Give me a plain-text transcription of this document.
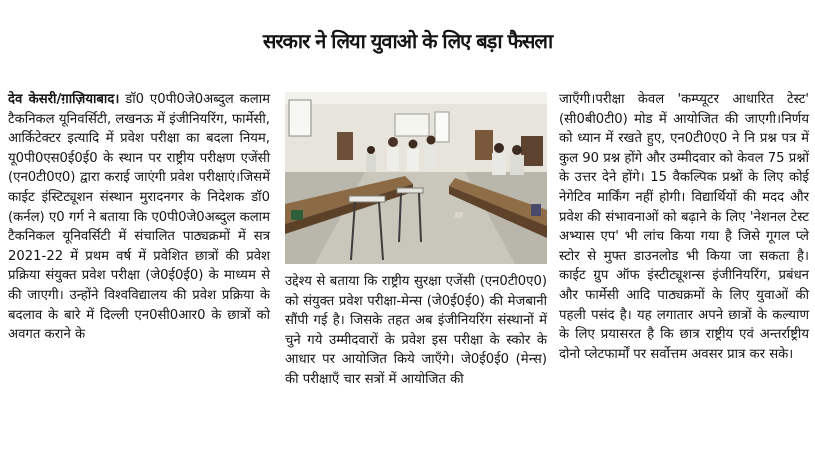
सरकार ने लिया युवाओ के लिए बड़ा फैसला

देव केसरी/ग़ाज़ियाबाद। डॉ0 ए0पी0जे0अब्दुल कलाम टैकनिकल यूनिवर्सिटी, लखनऊ में इंजीनियरिंग, फार्मेसी, आर्किटेक्टर इत्यादि में प्रवेश परीक्षा का बदला नियम, यू0पी0एस0ई0ई0 के स्थान पर राष्ट्रीय परीक्षण एजेंसी (एन0टी0ए0) द्वारा कराई जाएंगी प्रवेश परीक्षाएं।जिसमें काईट इंस्टिट्यूशन संस्थान मुरादनगर के निदेशक डॉ0 (कर्नल) ए0 गर्ग ने बताया कि ए0पी0जे0अब्दुल कलाम टैकनिकल यूनिवर्सिटी में संचालित पाठ्यक्रमों में सत्र 2021-22 में प्रथम वर्ष में प्रवेशित छात्रों की प्रवेश प्रक्रिया संयुक्त प्रवेश परीक्षा (जे0ई0ई0) के माध्यम से की जाएगी। उन्होंने विश्वविद्यालय की प्रवेश प्रक्रिया के बदलाव के बारे में दिल्ली एन0सी0आर0 के छात्रों को अवगत कराने के

उद्देश्य से बताया कि राष्ट्रीय सुरक्षा एजेंसी (एन0टी0ए0) को संयुक्त प्रवेश परीक्षा-मेन्स (जे0ई0ई0) की मेजबानी सौंपी गई है। जिसके तहत अब इंजीनियरिंग संस्थानों में चुने गये उम्मीदवारों के प्रवेश इस परीक्षा के स्कोर के आधार पर आयोजित किये जाएँगे। जे0ई0ई0 (मेन्स) की परीक्षाएँ चार सत्रों में आयोजित की

जाएँगी।परीक्षा केवल 'कम्प्यूटर आधारित टेस्ट' (सी0बी0टी0) मोड में आयोजित की जाएगी।निर्णय को ध्यान में रखते हुए, एन0टी0ए0 ने नि प्रश्न पत्र में कुल 90 प्रश्न होंगे और उम्मीदवार को केवल 75 प्रश्नों के उत्तर देने होंगे। 15 वैकल्पिक प्रश्नों के लिए कोई नेगेटिव मार्किंग नहीं होगी। विद्यार्थियों की मदद और प्रवेश की संभावनाओं को बढ़ाने के लिए 'नेशनल टेस्ट अभ्यास एप' भी लांच किया गया है जिसे गूगल प्ले स्टोर से मुफ्त डाउनलोड भी किया जा सकता है। काईट ग्रुप ऑफ इंस्टीट्यूशन्स इंजीनियरिंग, प्रबंधन और फार्मेसी आदि पाठ्यक्रमों के लिए युवाओं की पहली पसंद है। यह लगातार अपने छात्रों के कल्याण के लिए प्रयासरत है कि छात्र राष्ट्रीय एवं अन्तर्राष्ट्रीय दोनो प्लेटफार्मों पर सर्वोत्तम अवसर प्रात्र कर सके।
